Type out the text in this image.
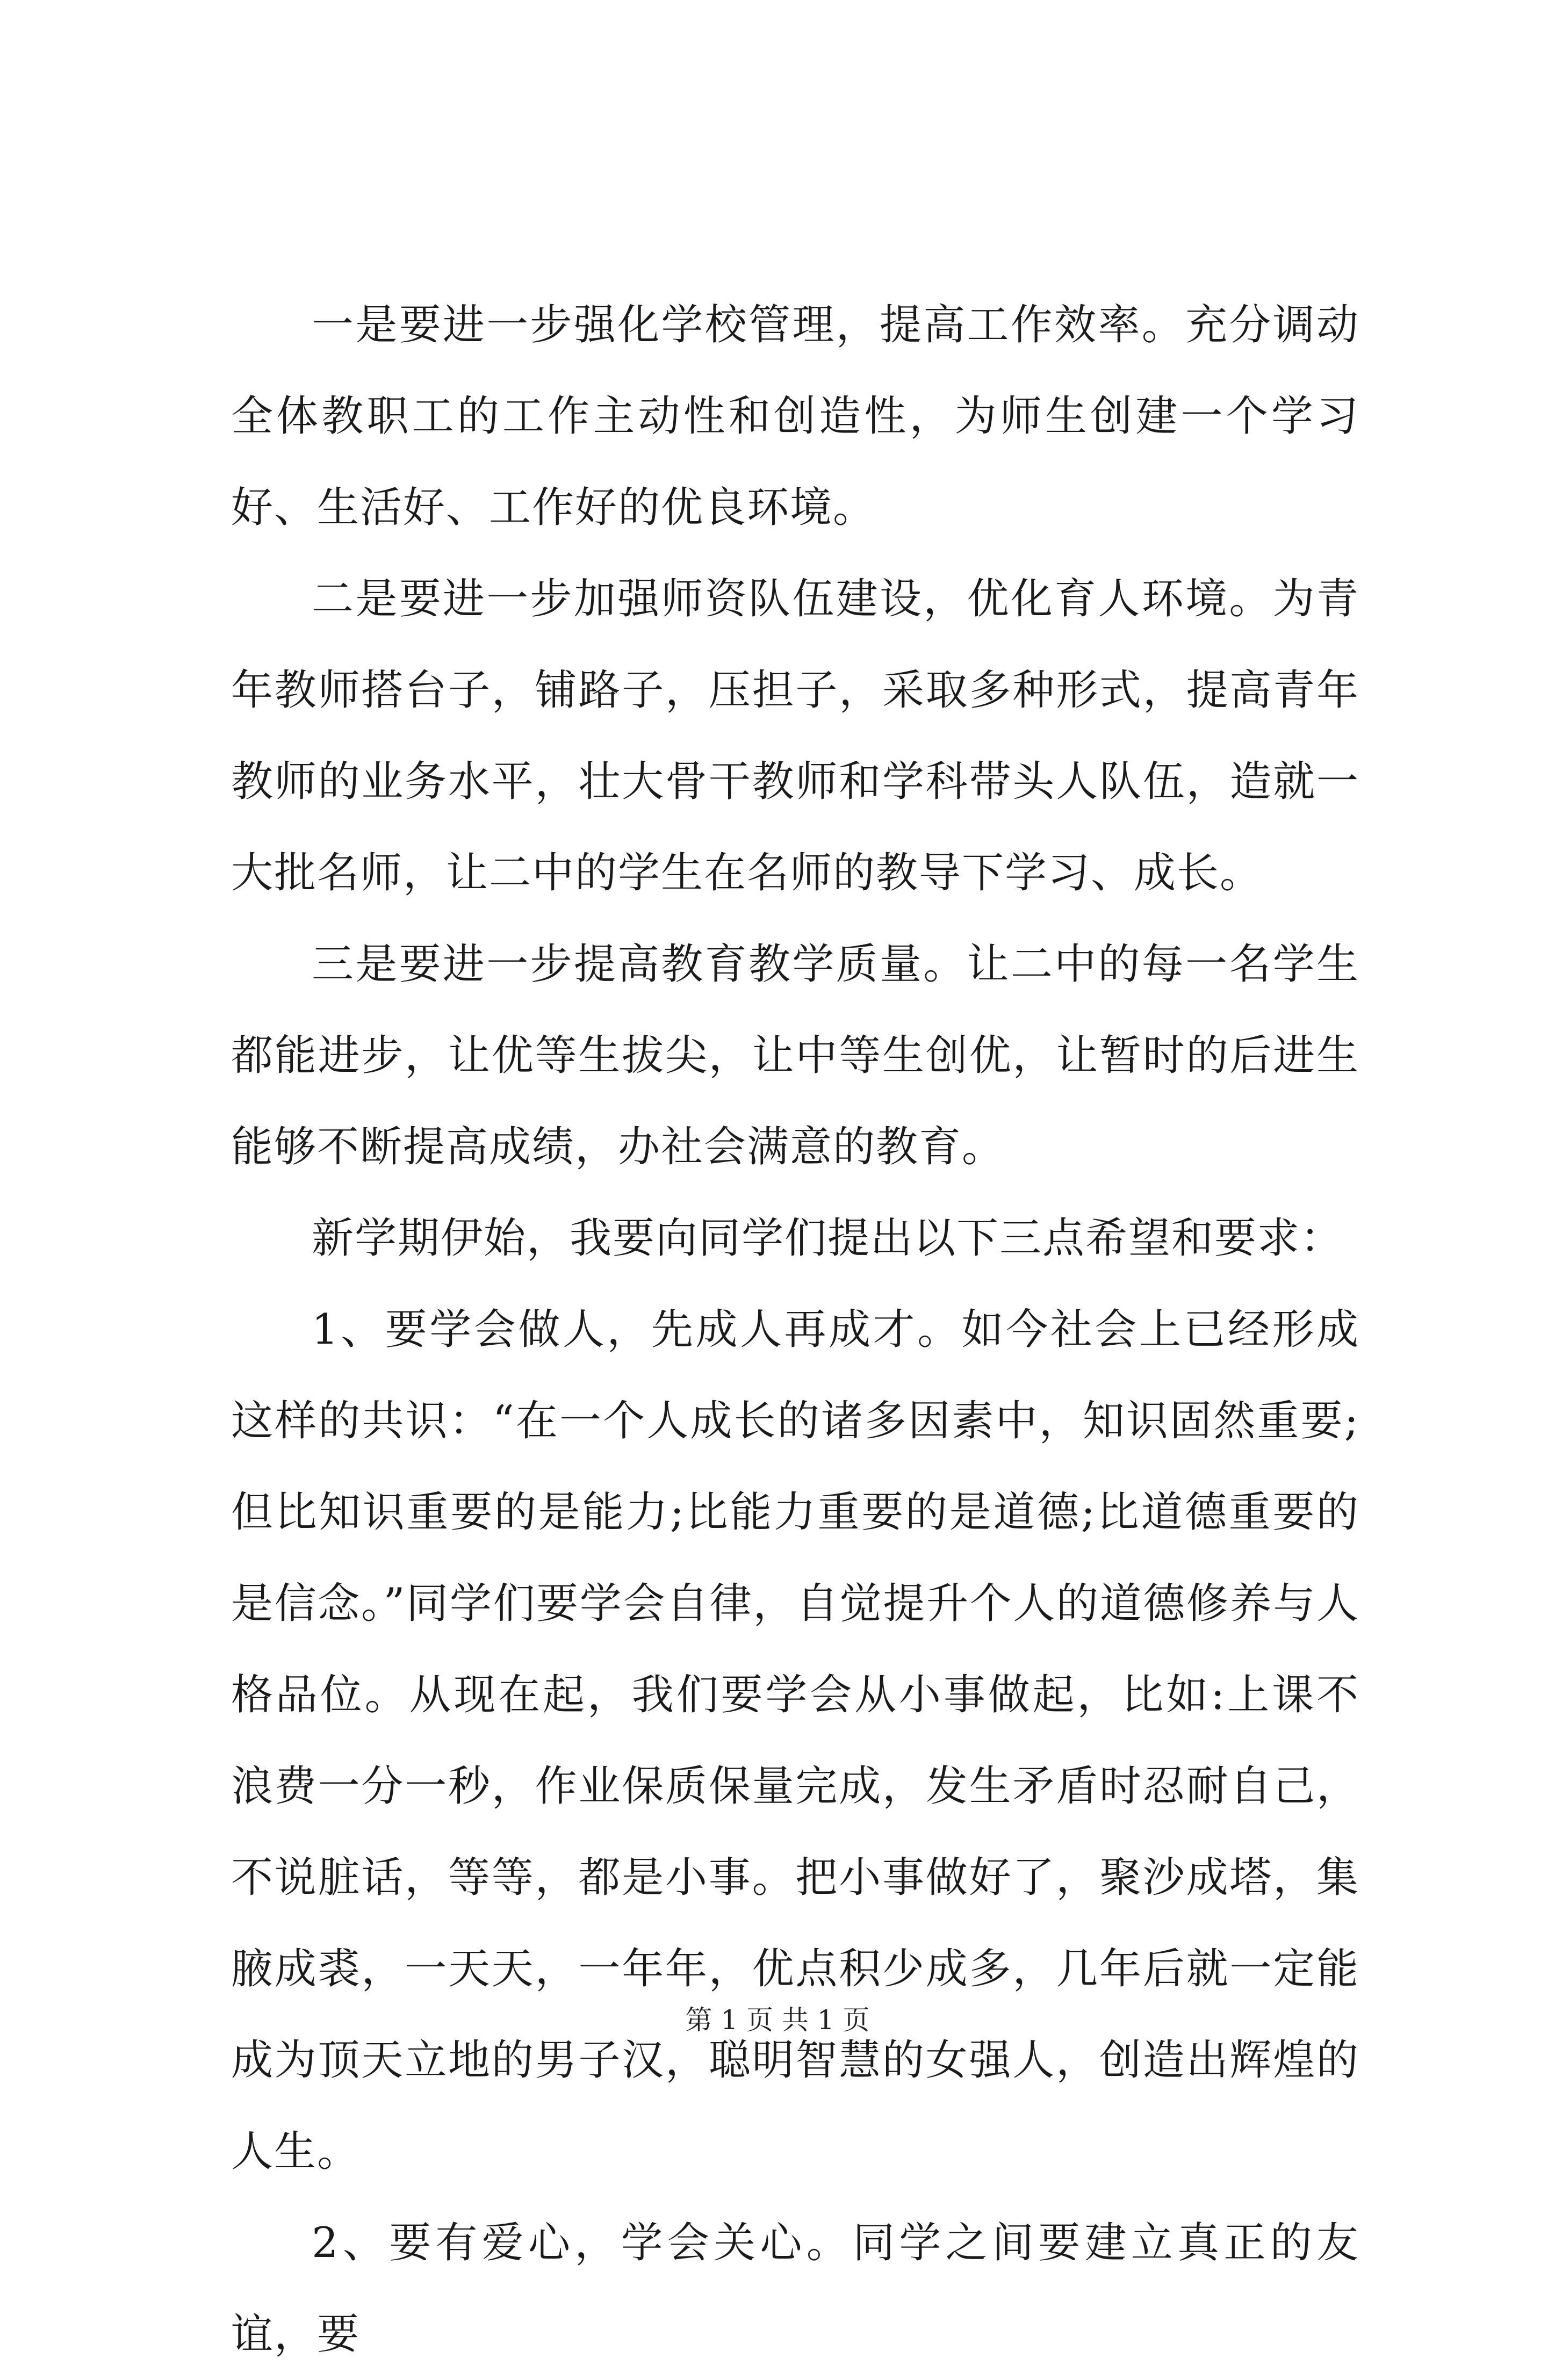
一是要进一步强化学校管理，提高工作效率。充分调动全体教职工的工作主动性和创造性，为师生创建一个学习好、生活好、工作好的优良环境。

二是要进一步加强师资队伍建设，优化育人环境。为青年教师搭台子，铺路子，压担子，采取多种形式，提高青年教师的业务水平，壮大骨干教师和学科带头人队伍，造就一大批名师，让二中的学生在名师的教导下学习、成长。

三是要进一步提高教育教学质量。让二中的每一名学生都能进步，让优等生拔尖，让中等生创优，让暂时的后进生能够不断提高成绩，办社会满意的教育。

新学期伊始，我要向同学们提出以下三点希望和要求：

1、要学会做人，先成人再成才。如今社会上已经形成这样的共识：“在一个人成长的诸多因素中，知识固然重要;但比知识重要的是能力;比能力重要的是道德;比道德重要的是信念。”同学们要学会自律，自觉提升个人的道德修养与人格品位。从现在起，我们要学会从小事做起，比如:上课不浪费一分一秒，作业保质保量完成，发生矛盾时忍耐自己，不说脏话，等等，都是小事。把小事做好了，聚沙成塔，集腋成裘，一天天，一年年，优点积少成多，几年后就一定能成为顶天立地的男子汉，聪明智慧的女强人，创造出辉煌的人生。

2、要有爱心，学会关心。同学之间要建立真正的友谊，要

第 1 页 共 1 页
